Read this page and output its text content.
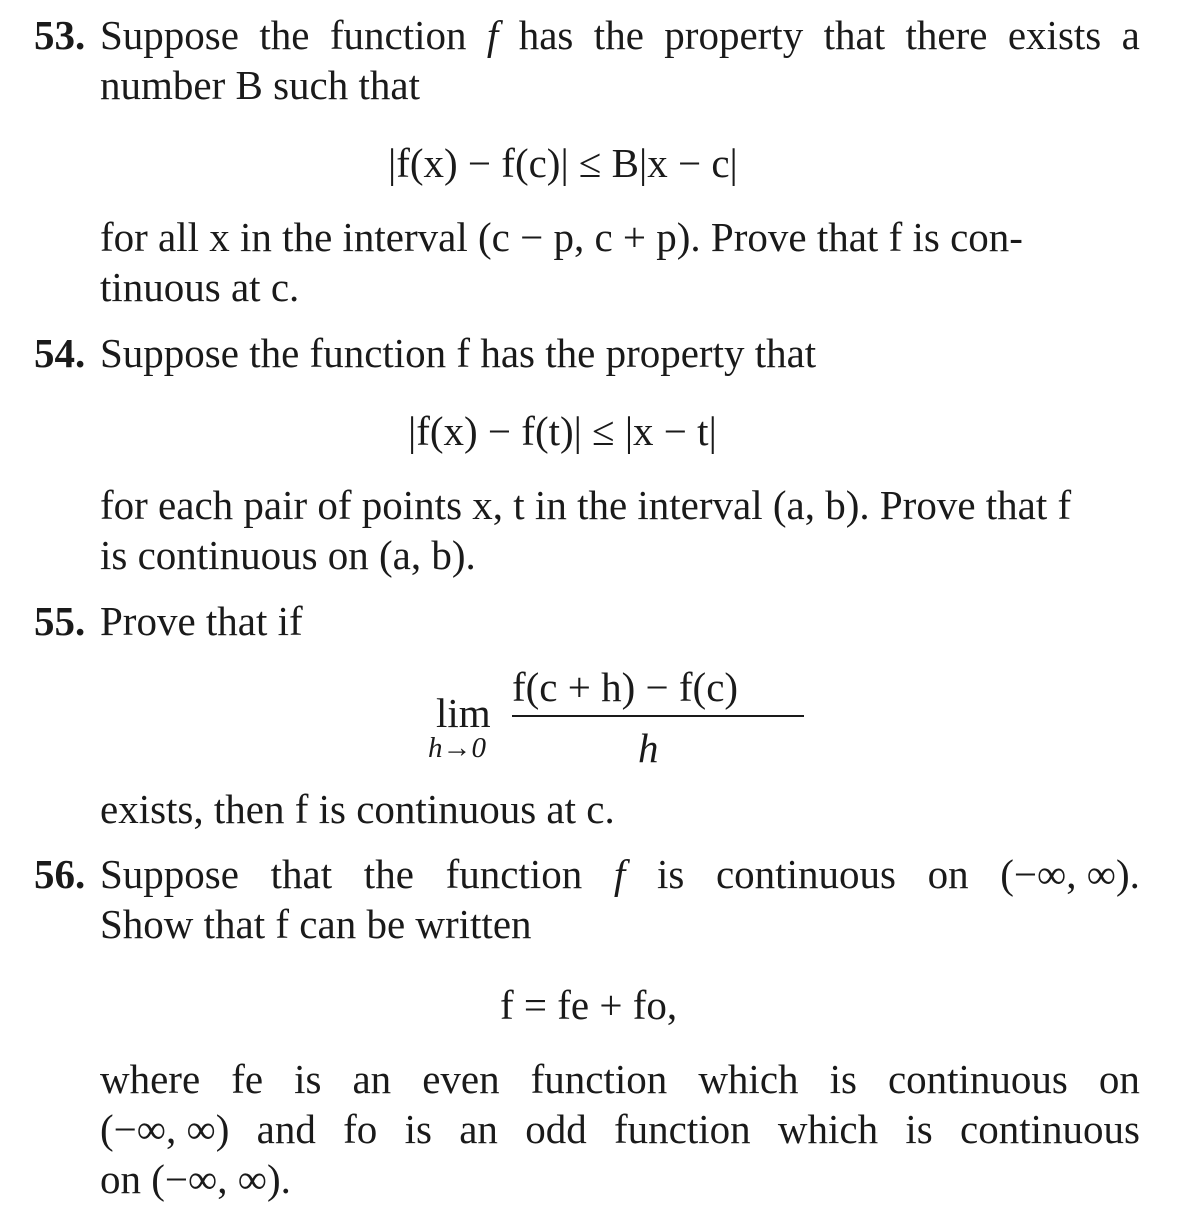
53. Suppose the function f has the property that there exists a
number B such that
|f(x) − f(c)| ≤ B|x − c|
for all x in the interval (c − p, c + p). Prove that f is con-
tinuous at c.
54. Suppose the function f has the property that
|f(x) − f(t)| ≤ |x − t|
for each pair of points x, t in the interval (a, b). Prove that f
is continuous on (a, b).
55. Prove that if
lim
h→0
f(c + h) − f(c)
h
exists, then f is continuous at c.
56. Suppose that the function f is continuous on (−∞, ∞).
Show that f can be written
f = fe + fo,
where fe is an even function which is continuous on
(−∞, ∞) and fo is an odd function which is continuous
on (−∞, ∞).
